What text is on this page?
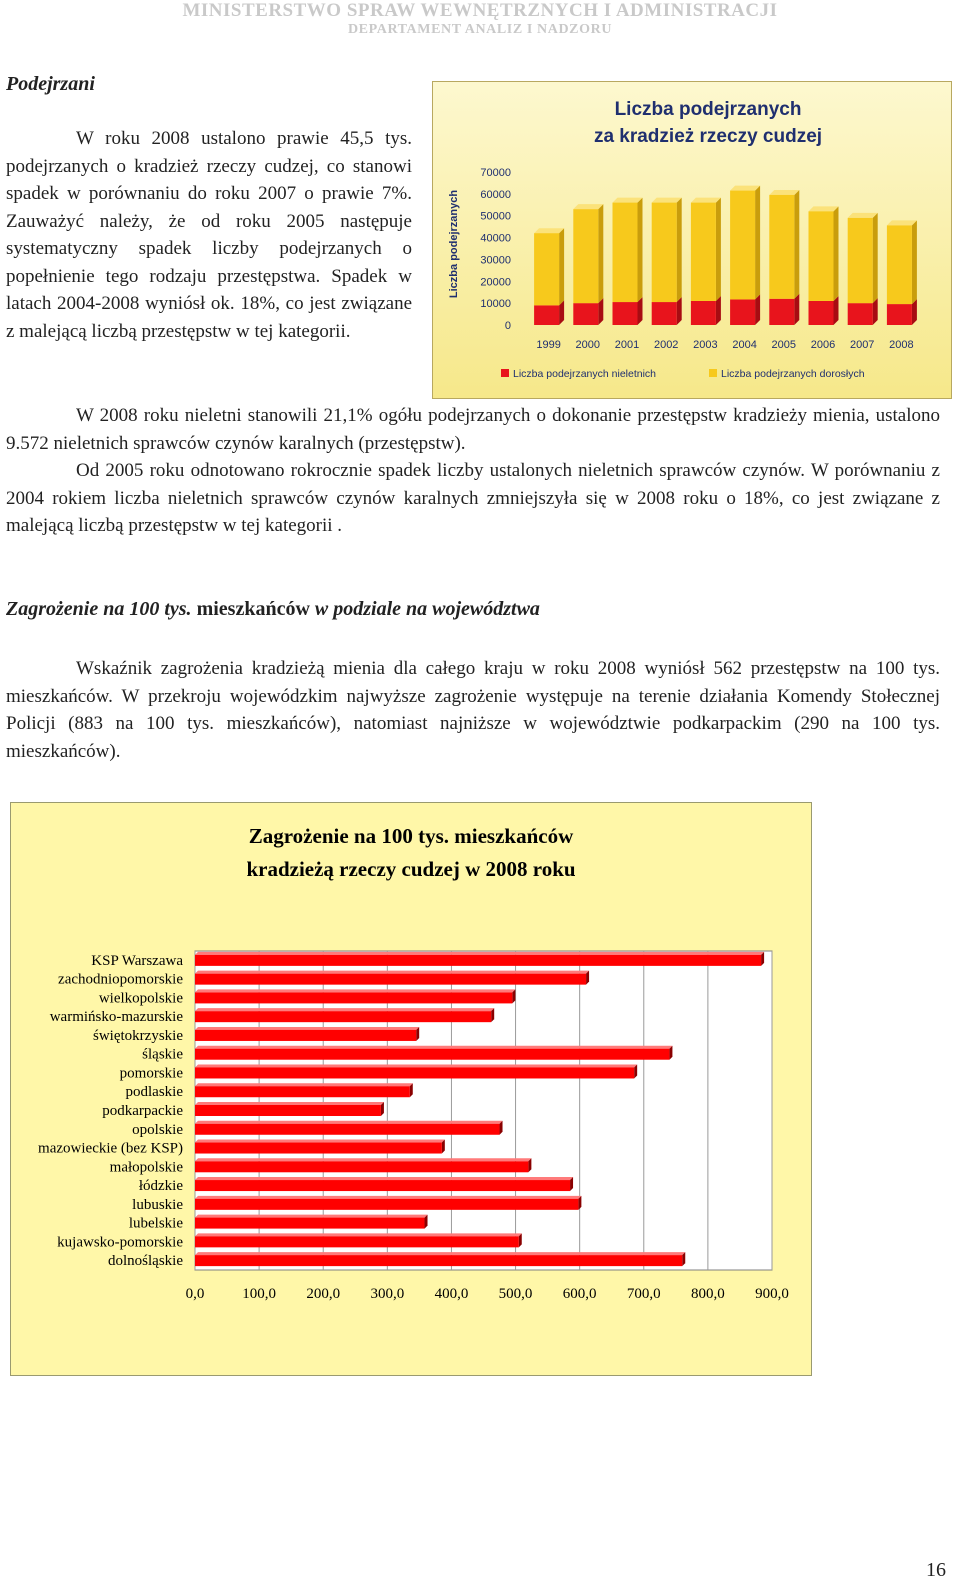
MINISTERSTWO SPRAW WEWNĘTRZNYCH I ADMINISTRACJI
DEPARTAMENT ANALIZ I NADZORU
Podejrzani
W roku 2008 ustalono prawie 45,5 tys. podejrzanych o kradzież rzeczy cudzej, co stanowi spadek w porównaniu do roku 2007 o prawie 7%. Zauważyć należy, że od roku 2005 następuje systematyczny spadek liczby podejrzanych o popełnienie tego rodzaju przestępstwa. Spadek w latach 2004-2008 wyniósł ok. 18%, co jest związane z malejącą liczbą przestępstw w tej kategorii.
W 2008 roku nieletni stanowili 21,1% ogółu podejrzanych o dokonanie przestępstw kradzieży mienia, ustalono 9.572 nieletnich sprawców czynów karalnych (przestępstw).
Od 2005 roku odnotowano rokrocznie spadek liczby ustalonych nieletnich sprawców czynów. W porównaniu z 2004 rokiem liczba nieletnich sprawców czynów karalnych zmniejszyła się w 2008 roku o 18%, co jest związane z malejącą liczbą przestępstw w tej kategorii .
Liczba podejrzanych
za kradzież rzeczy cudzej
Liczba podejrzanych
70000
60000
50000
40000
30000
20000
10000
0
1999 2000 2001 2002 2003 2004 2005 2006 2007 2008
Liczba podejrzanych nieletnich	Liczba podejrzanych dorosłych
Zagrożenie na 100 tys. mieszkańców w podziale na województwa
Wskaźnik zagrożenia kradzieżą mienia dla całego kraju w roku 2008 wyniósł 562 przestępstw na 100 tys. mieszkańców. W przekroju wojewódzkim najwyższe zagrożenie występuje na terenie działania Komendy Stołecznej Policji (883 na 100 tys. mieszkańców), natomiast najniższe w województwie podkarpackim (290 na 100 tys. mieszkańców).
Zagrożenie na 100 tys. mieszkańców
kradzieżą rzeczy cudzej w 2008 roku
KSP Warszawa
zachodniopomorskie
wielkopolskie
warmińsko-mazurskie
świętokrzyskie
śląskie
pomorskie
podlaskie
podkarpackie
opolskie
mazowieckie (bez KSP)
małopolskie
łódzkie
lubuskie
lubelskie
kujawsko-pomorskie
dolnośląskie
0,0	100,0 200,0 300,0 400,0 500,0 600,0 700,0 800,0 900,0
16
